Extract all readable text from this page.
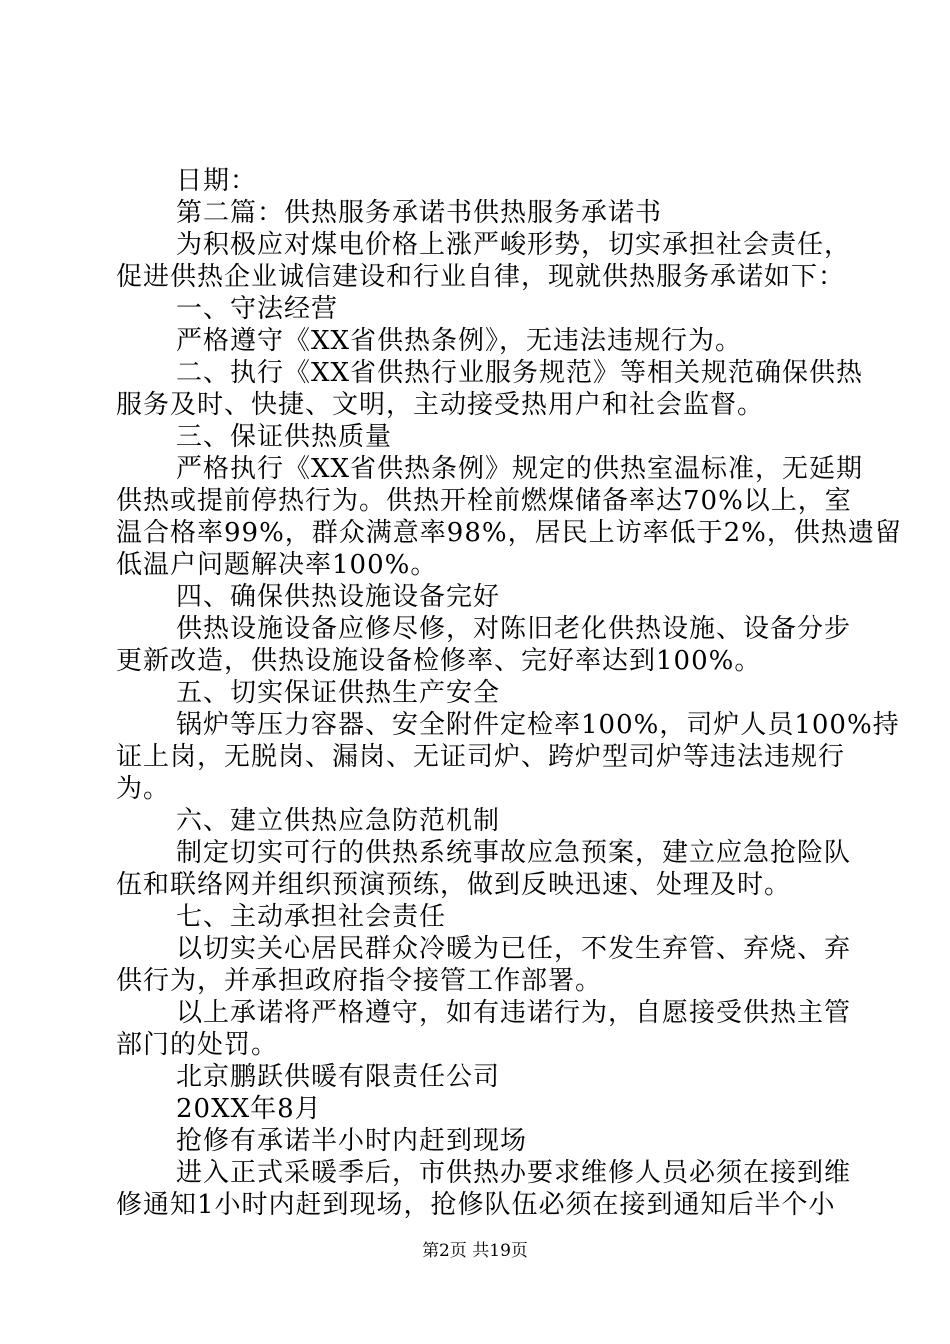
日期：
第二篇：供热服务承诺书供热服务承诺书
为积极应对煤电价格上涨严峻形势，切实承担社会责任，
促进供热企业诚信建设和行业自律，现就供热服务承诺如下：
一、守法经营
严格遵守《XX省供热条例》，无违法违规行为。
二、执行《XX省供热行业服务规范》等相关规范确保供热
服务及时、快捷、文明，主动接受热用户和社会监督。
三、保证供热质量
严格执行《XX省供热条例》规定的供热室温标准，无延期
供热或提前停热行为。供热开栓前燃煤储备率达70%以上，室
温合格率99%，群众满意率98%，居民上访率低于2%，供热遗留
低温户问题解决率100%。
四、确保供热设施设备完好
供热设施设备应修尽修，对陈旧老化供热设施、设备分步
更新改造，供热设施设备检修率、完好率达到100%。
五、切实保证供热生产安全
锅炉等压力容器、安全附件定检率100%，司炉人员100%持
证上岗，无脱岗、漏岗、无证司炉、跨炉型司炉等违法违规行
为。
六、建立供热应急防范机制
制定切实可行的供热系统事故应急预案，建立应急抢险队
伍和联络网并组织预演预练，做到反映迅速、处理及时。
七、主动承担社会责任
以切实关心居民群众冷暖为已任，不发生弃管、弃烧、弃
供行为，并承担政府指令接管工作部署。
以上承诺将严格遵守，如有违诺行为，自愿接受供热主管
部门的处罚。
北京鹏跃供暖有限责任公司
20XX年8月
抢修有承诺半小时内赶到现场
进入正式采暖季后，市供热办要求维修人员必须在接到维
修通知1小时内赶到现场，抢修队伍必须在接到通知后半个小
第2页 共19页
